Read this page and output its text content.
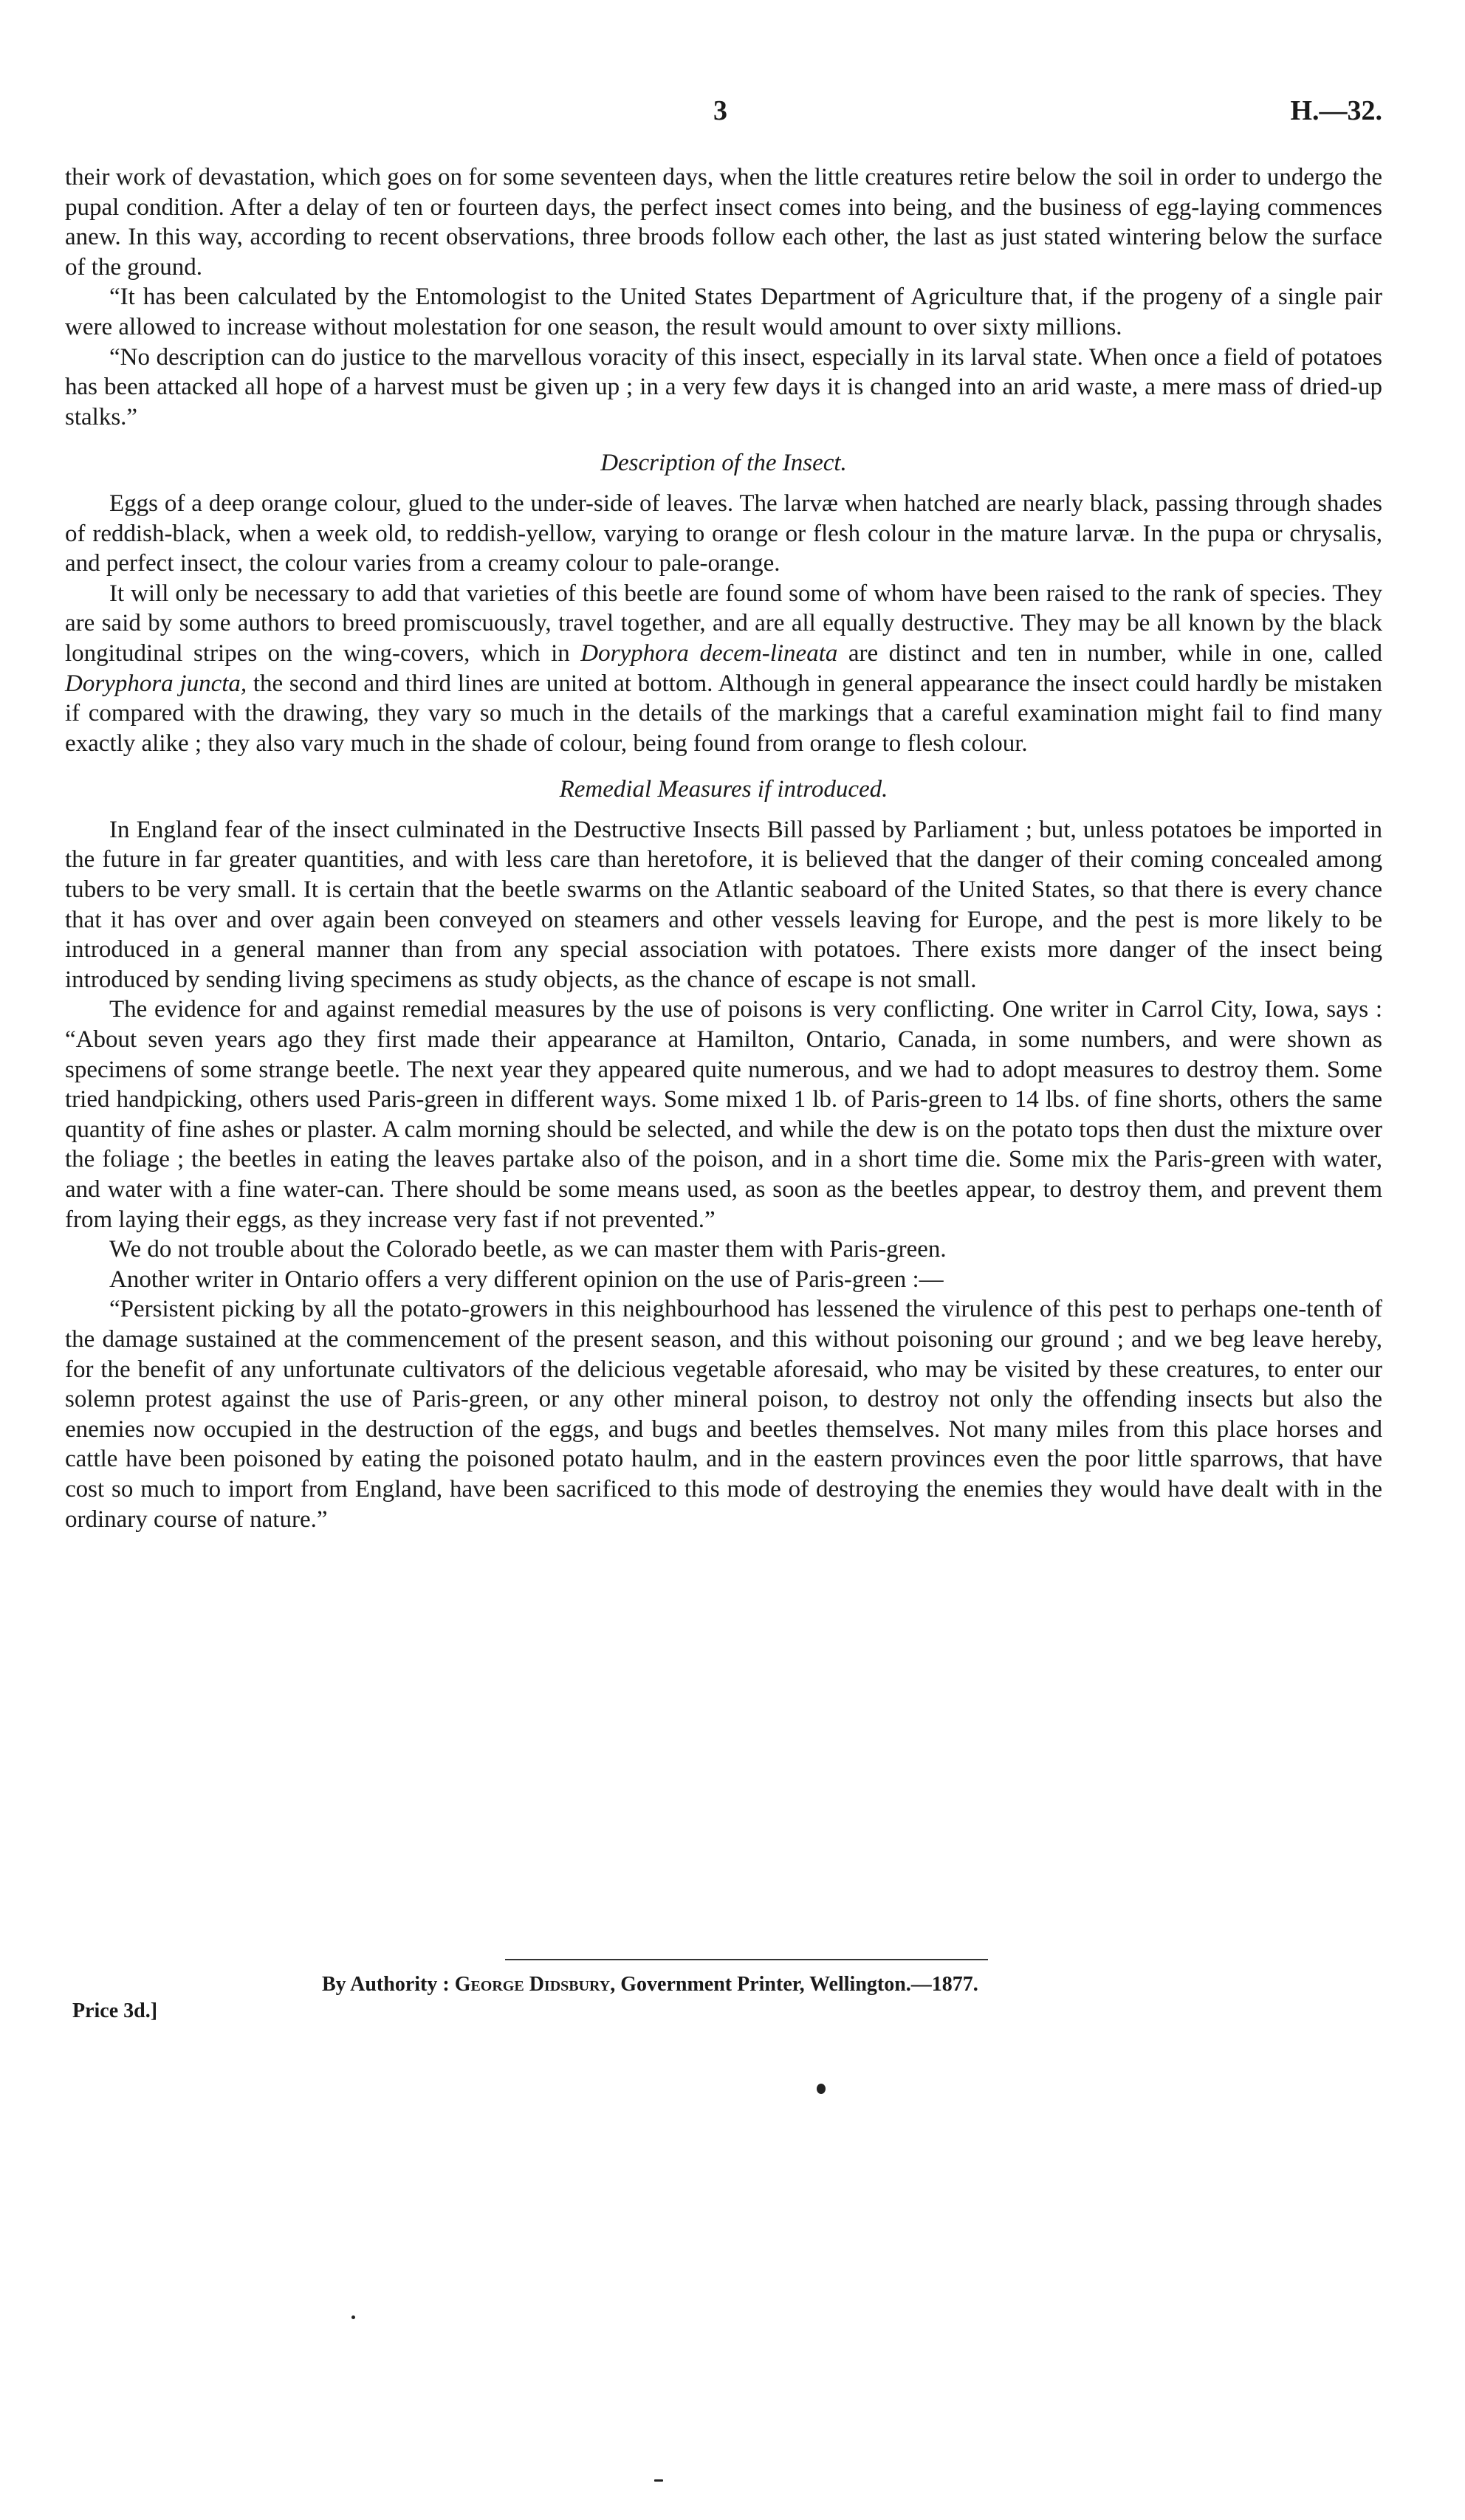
3	H.—32.

their work of devastation, which goes on for some seventeen days, when the little creatures retire below the soil in order to undergo the pupal condition. After a delay of ten or fourteen days, the perfect insect comes into being, and the business of egg-laying commences anew. In this way, according to recent observations, three broods follow each other, the last as just stated wintering below the surface of the ground.

“It has been calculated by the Entomologist to the United States Department of Agriculture that, if the progeny of a single pair were allowed to increase without molestation for one season, the result would amount to over sixty millions.

“No description can do justice to the marvellous voracity of this insect, especially in its larval state. When once a field of potatoes has been attacked all hope of a harvest must be given up ; in a very few days it is changed into an arid waste, a mere mass of dried-up stalks.”

Description of the Insect.

Eggs of a deep orange colour, glued to the under-side of leaves. The larvæ when hatched are nearly black, passing through shades of reddish-black, when a week old, to reddish-yellow, varying to orange or flesh colour in the mature larvæ. In the pupa or chrysalis, and perfect insect, the colour varies from a creamy colour to pale-orange.

It will only be necessary to add that varieties of this beetle are found some of whom have been raised to the rank of species. They are said by some authors to breed promiscuously, travel together, and are all equally destructive. They may be all known by the black longitudinal stripes on the wing-covers, which in Doryphora decem-lineata are distinct and ten in number, while in one, called Doryphora juncta, the second and third lines are united at bottom. Although in general appearance the insect could hardly be mistaken if compared with the drawing, they vary so much in the details of the markings that a careful examination might fail to find many exactly alike ; they also vary much in the shade of colour, being found from orange to flesh colour.

Remedial Measures if introduced.

In England fear of the insect culminated in the Destructive Insects Bill passed by Parliament ; but, unless potatoes be imported in the future in far greater quantities, and with less care than heretofore, it is believed that the danger of their coming concealed among tubers to be very small. It is certain that the beetle swarms on the Atlantic seaboard of the United States, so that there is every chance that it has over and over again been conveyed on steamers and other vessels leaving for Europe, and the pest is more likely to be introduced in a general manner than from any special association with potatoes. There exists more danger of the insect being introduced by sending living specimens as study objects, as the chance of escape is not small.

The evidence for and against remedial measures by the use of poisons is very conflicting. One writer in Carrol City, Iowa, says : “About seven years ago they first made their appearance at Hamilton, Ontario, Canada, in some numbers, and were shown as specimens of some strange beetle. The next year they appeared quite numerous, and we had to adopt measures to destroy them. Some tried handpicking, others used Paris-green in different ways. Some mixed 1 lb. of Paris-green to 14 lbs. of fine shorts, others the same quantity of fine ashes or plaster. A calm morning should be selected, and while the dew is on the potato tops then dust the mixture over the foliage ; the beetles in eating the leaves partake also of the poison, and in a short time die. Some mix the Paris-green with water, and water with a fine water-can. There should be some means used, as soon as the beetles appear, to destroy them, and prevent them from laying their eggs, as they increase very fast if not prevented.”

We do not trouble about the Colorado beetle, as we can master them with Paris-green.

Another writer in Ontario offers a very different opinion on the use of Paris-green :—

“Persistent picking by all the potato-growers in this neighbourhood has lessened the virulence of this pest to perhaps one-tenth of the damage sustained at the commencement of the present season, and this without poisoning our ground ; and we beg leave hereby, for the benefit of any unfortunate cultivators of the delicious vegetable aforesaid, who may be visited by these creatures, to enter our solemn protest against the use of Paris-green, or any other mineral poison, to destroy not only the offending insects but also the enemies now occupied in the destruction of the eggs, and bugs and beetles themselves. Not many miles from this place horses and cattle have been poisoned by eating the poisoned potato haulm, and in the eastern provinces even the poor little sparrows, that have cost so much to import from England, have been sacrificed to this mode of destroying the enemies they would have dealt with in the ordinary course of nature.”

By Authority : George Didsbury, Government Printer, Wellington.—1877.
Price 3d.]
